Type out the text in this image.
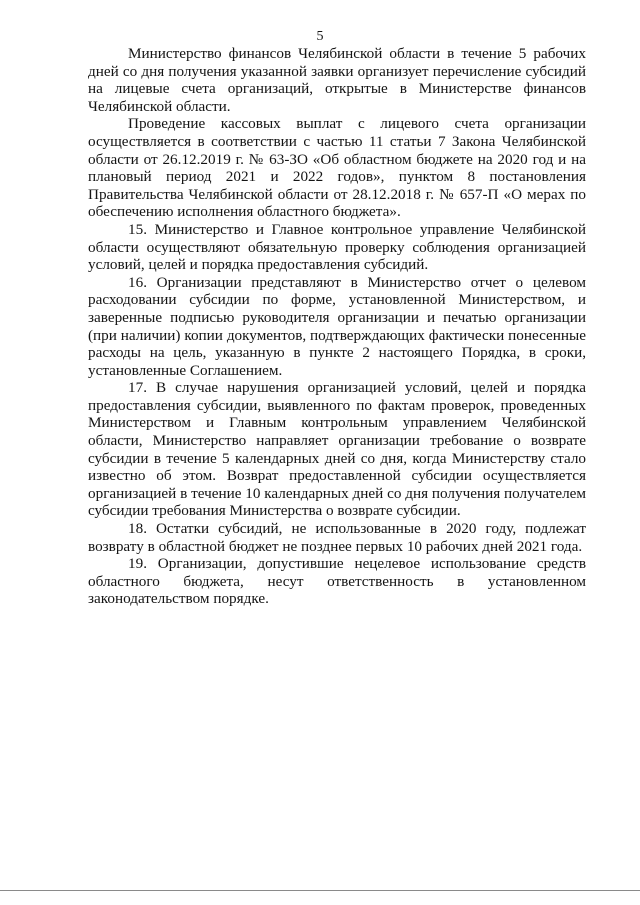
5

Министерство финансов Челябинской области в течение 5 рабочих дней со дня получения указанной заявки организует перечисление субсидий на лицевые счета организаций, открытые в Министерстве финансов Челябинской области.

Проведение кассовых выплат с лицевого счета организации осуществляется в соответствии с частью 11 статьи 7 Закона Челябинской области от 26.12.2019 г. № 63-ЗО «Об областном бюджете на 2020 год и на плановый период 2021 и 2022 годов», пунктом 8 постановления Правительства Челябинской области от 28.12.2018 г. № 657-П «О мерах по обеспечению исполнения областного бюджета».

15. Министерство и Главное контрольное управление Челябинской области осуществляют обязательную проверку соблюдения организацией условий, целей и порядка предоставления субсидий.

16. Организации представляют в Министерство отчет о целевом расходовании субсидии по форме, установленной Министерством, и заверенные подписью руководителя организации и печатью организации (при наличии) копии документов, подтверждающих фактически понесенные расходы на цель, указанную в пункте 2 настоящего Порядка, в сроки, установленные Соглашением.

17. В случае нарушения организацией условий, целей и порядка предоставления субсидии, выявленного по фактам проверок, проведенных Министерством и Главным контрольным управлением Челябинской области, Министерство направляет организации требование о возврате субсидии в течение 5 календарных дней со дня, когда Министерству стало известно об этом. Возврат предоставленной субсидии осуществляется организацией в течение 10 календарных дней со дня получения получателем субсидии требования Министерства о возврате субсидии.

18. Остатки субсидий, не использованные в 2020 году, подлежат возврату в областной бюджет не позднее первых 10 рабочих дней 2021 года.

19. Организации, допустившие нецелевое использование средств областного бюджета, несут ответственность в установленном законодательством порядке.
